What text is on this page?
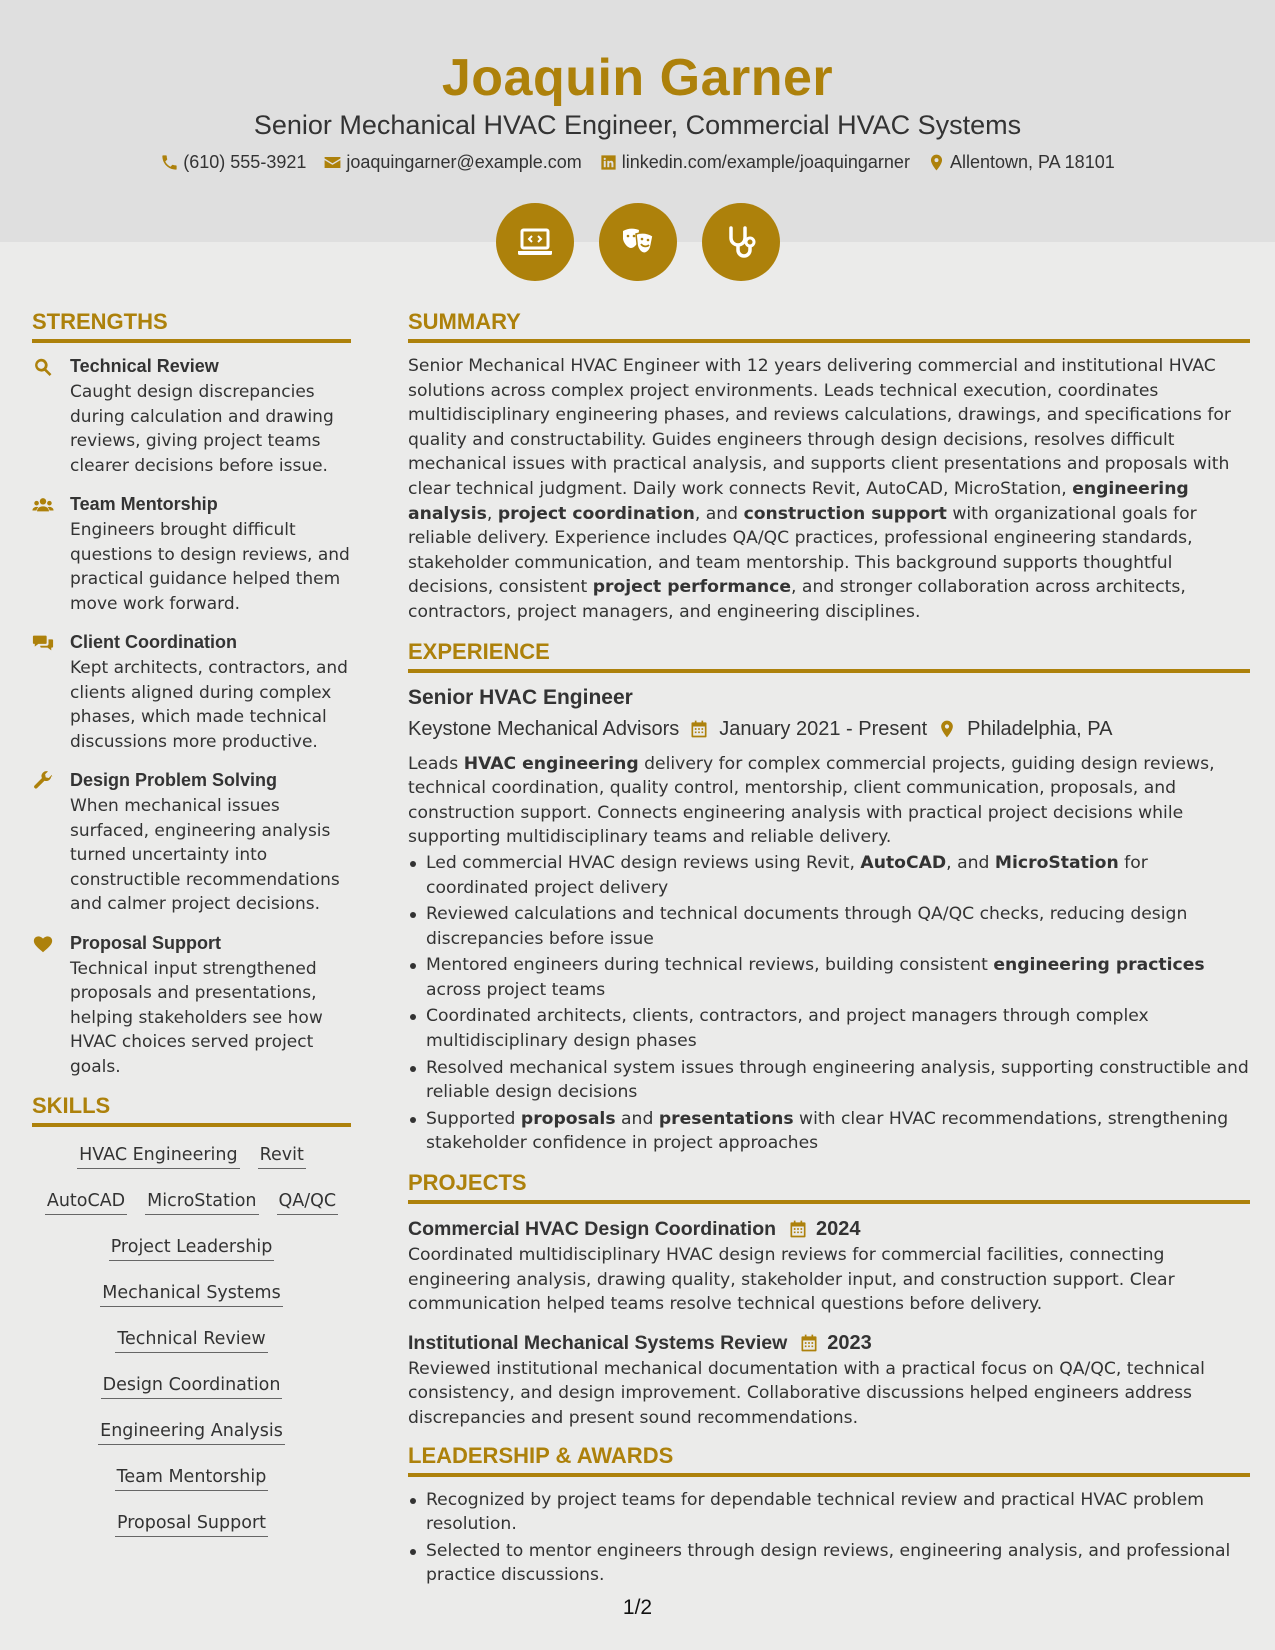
Joaquin Garner
Senior Mechanical HVAC Engineer, Commercial HVAC Systems
(610) 555-3921 joaquingarner@example.com linkedin.com/example/joaquingarner Allentown, PA 18101
STRENGTHS
Technical Review
Caught design discrepancies during calculation and drawing reviews, giving project teams clearer decisions before issue.
Team Mentorship
Engineers brought difficult questions to design reviews, and practical guidance helped them move work forward.
Client Coordination
Kept architects, contractors, and clients aligned during complex phases, which made technical discussions more productive.
Design Problem Solving
When mechanical issues surfaced, engineering analysis turned uncertainty into constructible recommendations and calmer project decisions.
Proposal Support
Technical input strengthened proposals and presentations, helping stakeholders see how HVAC choices served project goals.
SKILLS
HVAC Engineering Revit
AutoCAD MicroStation QA/QC
Project Leadership
Mechanical Systems
Technical Review
Design Coordination
Engineering Analysis
Team Mentorship
Proposal Support
SUMMARY

Senior Mechanical HVAC Engineer with 12 years delivering commercial and institutional HVAC solutions across complex project environments. Leads technical execution, coordinates multidisciplinary engineering phases, and reviews calculations, drawings, and specifications for quality and constructability. Guides engineers through design decisions, resolves difficult mechanical issues with practical analysis, and supports client presentations and proposals with clear technical judgment. Daily work connects Revit, AutoCAD, MicroStation, engineering analysis, project coordination, and construction support with organizational goals for reliable delivery. Experience includes QA/QC practices, professional engineering standards, stakeholder communication, and team mentorship. This background supports thoughtful decisions, consistent project performance, and stronger collaboration across architects, contractors, project managers, and engineering disciplines.

EXPERIENCE
Senior HVAC Engineer
Keystone Mechanical Advisors January 2021 - Present Philadelphia, PA

Leads HVAC engineering delivery for complex commercial projects, guiding design reviews, technical coordination, quality control, mentorship, client communication, proposals, and construction support. Connects engineering analysis with practical project decisions while supporting multidisciplinary teams and reliable delivery.

Led commercial HVAC design reviews using Revit, AutoCAD, and MicroStation for coordinated project delivery
Reviewed calculations and technical documents through QA/QC checks, reducing design discrepancies before issue
Mentored engineers during technical reviews, building consistent engineering practices across project teams
Coordinated architects, clients, contractors, and project managers through complex multidisciplinary design phases
Resolved mechanical system issues through engineering analysis, supporting constructible and reliable design decisions
Supported proposals and presentations with clear HVAC recommendations, strengthening stakeholder confidence in project approaches
PROJECTS
Commercial HVAC Design Coordination 2024

Coordinated multidisciplinary HVAC design reviews for commercial facilities, connecting engineering analysis, drawing quality, stakeholder input, and construction support. Clear communication helped teams resolve technical questions before delivery.

Institutional Mechanical Systems Review 2023

Reviewed institutional mechanical documentation with a practical focus on QA/QC, technical consistency, and design improvement. Collaborative discussions helped engineers address discrepancies and present sound recommendations.

LEADERSHIP & AWARDS
Recognized by project teams for dependable technical review and practical HVAC problem resolution.
Selected to mentor engineers through design reviews, engineering analysis, and professional practice discussions.
1/2
